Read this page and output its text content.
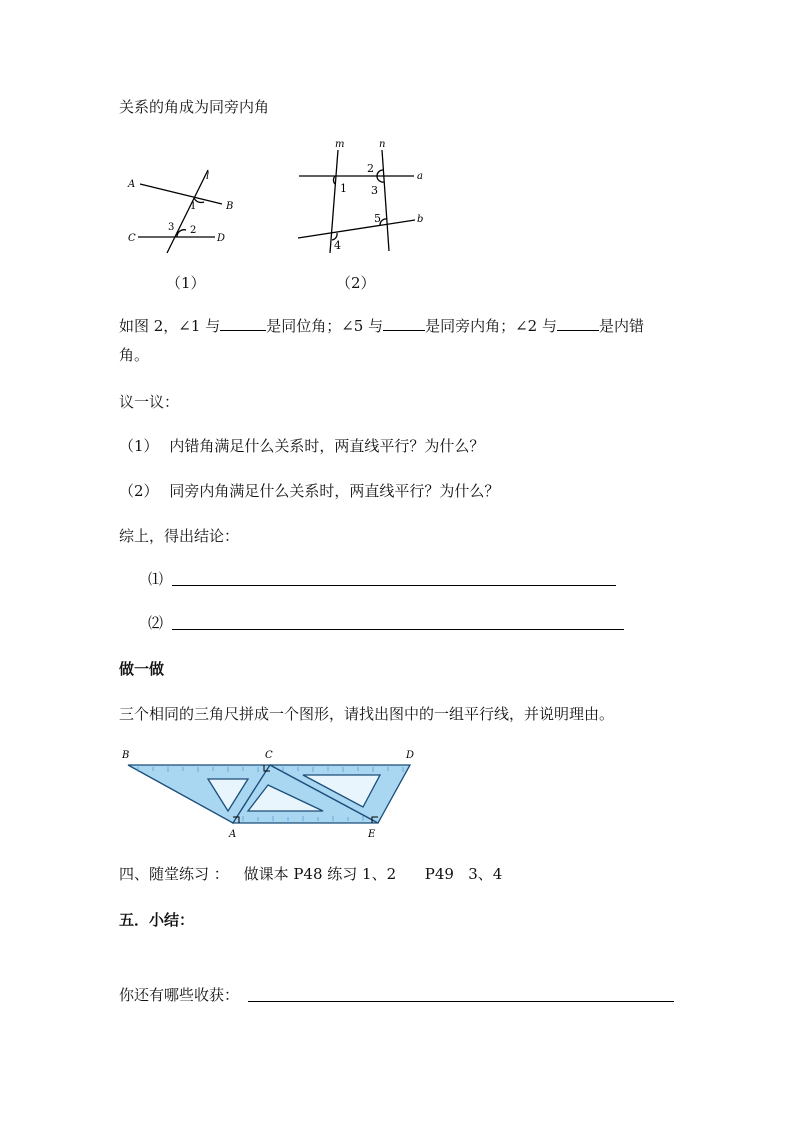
关系的角成为同旁内角
A
B
C	D
l
1
3 2
（1）
m	n
a
b
1
2
3
5
4
（2）
如图 2，∠1 与	是同位角；∠5 与	是同旁内角；∠2 与	是内错
角。
议一议：
（1） 内错角满足什么关系时，两直线平行？为什么？
（2） 同旁内角满足什么关系时，两直线平行？为什么？
综上，得出结论：
⑴
⑵
做一做
三个相同的三角尺拼成一个图形，请找出图中的一组平行线，并说明理由。
B	C	D
A	E
四、随堂练习 ： 做课本 P48 练习 1、2      P49   3、4
五．小结：
你还有哪些收获：
